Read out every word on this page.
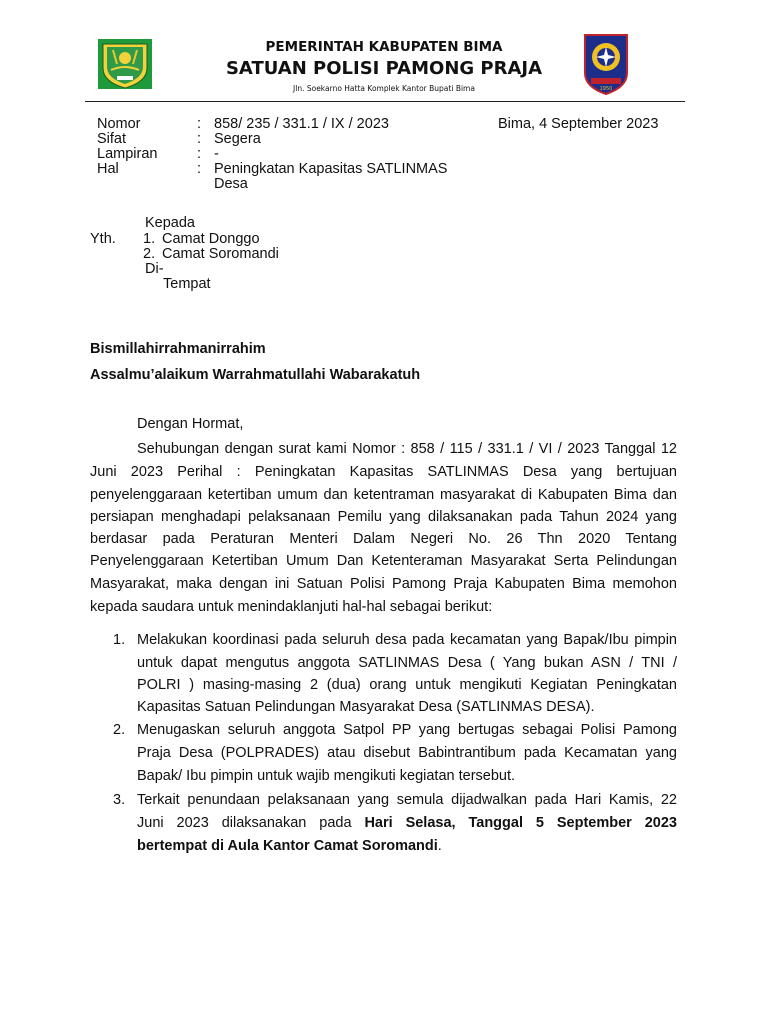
1950
PEMERINTAH KABUPATEN BIMA
SATUAN POLISI PAMONG PRAJA
Jln. Soekarno Hatta Komplek Kantor Bupati Bima
Nomor	: 858/ 235 / 331.1 / IX / 2023	Bima, 4 September 2023
Sifat	: Segera
Lampiran	: -
Hal	: Peningkatan Kapasitas SATLINMAS
Desa
Kepada
Yth. 1. Camat Donggo
2. Camat Soromandi
Di-
Tempat
Bismillahirrahmanirrahim
Assalmu’alaikum Warrahmatullahi Wabarakatuh
Dengan Hormat,
Sehubungan dengan surat kami Nomor : 858 / 115 / 331.1 / VI / 2023 Tanggal 12
Juni 2023 Perihal : Peningkatan Kapasitas SATLINMAS Desa yang bertujuan
penyelenggaraan ketertiban umum dan ketentraman masyarakat di Kabupaten Bima dan
persiapan menghadapi pelaksanaan Pemilu yang dilaksanakan pada Tahun 2024 yang
berdasar pada Peraturan Menteri Dalam Negeri No. 26 Thn 2020 Tentang
Penyelenggaraan Ketertiban Umum Dan Ketenteraman Masyarakat Serta Pelindungan
Masyarakat, maka dengan ini Satuan Polisi Pamong Praja Kabupaten Bima memohon
kepada saudara untuk menindaklanjuti hal-hal sebagai berikut:
1. Melakukan koordinasi pada seluruh desa pada kecamatan yang Bapak/Ibu pimpin
untuk dapat mengutus anggota SATLINMAS Desa ( Yang bukan ASN / TNI /
POLRI ) masing-masing 2 (dua) orang untuk mengikuti Kegiatan Peningkatan
Kapasitas Satuan Pelindungan Masyarakat Desa (SATLINMAS DESA).
2. Menugaskan seluruh anggota Satpol PP yang bertugas sebagai Polisi Pamong
Praja Desa (POLPRADES) atau disebut Babintrantibum pada Kecamatan yang
Bapak/ Ibu pimpin untuk wajib mengikuti kegiatan tersebut.
3. Terkait penundaan pelaksanaan yang semula dijadwalkan pada Hari Kamis, 22
Juni 2023 dilaksanakan pada Hari Selasa, Tanggal 5 September 2023
bertempat di Aula Kantor Camat Soromandi.
